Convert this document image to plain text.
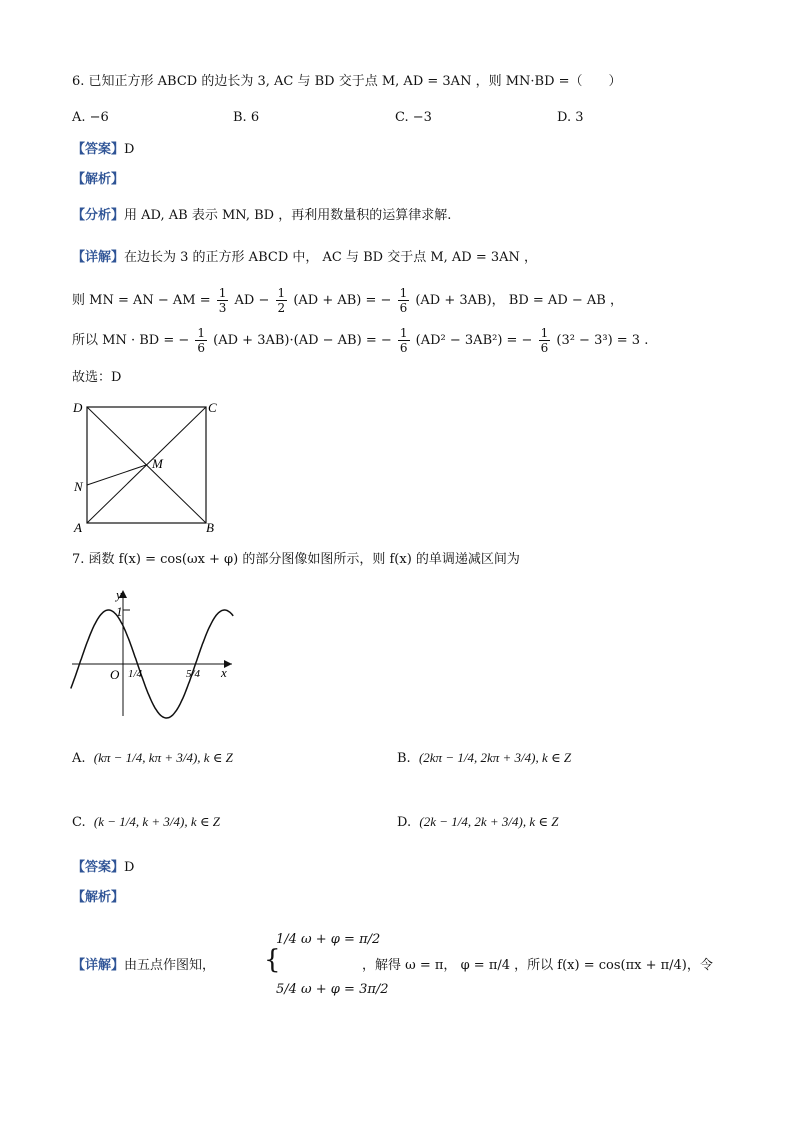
6. 已知正方形 ABCD 的边长为 3, AC 与 BD 交于点 M, AD = 3AN ，则 MN·BD =（　　）
A. −6	B. 6	C. −3	D. 3
【答案】D
【解析】
【分析】用 AD, AB 表示 MN, BD ，再利用数量积的运算律求解.
【详解】在边长为 3 的正方形 ABCD 中， AC 与 BD 交于点 M, AD = 3AN ，
则 MN = AN − AM = $\frac{1}{3}$ AD − $\frac{1}{2} (AD + AB)$ = − $\frac{1}{6} (AD + 3AB)$， BD = AD − AB ，
所以 MN · BD = − $\frac{1}{6} (AD + 3AB)\cdot(AD - AB)$ = − $\frac{1}{6} (AD^2 - 3AB^2)$ = − $\frac{1}{6} (3^2 - 3^3) = 3$ .
故选：D
D	C
N
M
A	B
7. 函数 f(x) = cos(ωx + φ) 的部分图像如图所示，则 f(x) 的单调递减区间为
y
1
x
O 1/4	5/4
A. (kπ − 1/4, kπ + 3/4), k ∈ Z	B. (2kπ − 1/4, 2kπ + 3/4), k ∈ Z
C. (k − 1/4, k + 3/4), k ∈ Z	D. (2k − 1/4, 2k + 3/4), k ∈ Z
【答案】D
【解析】
【详解】由五点作图知，
1/4 ω + φ = π/2
{
5/4 ω + φ = 3π/2
，解得 ω = π， φ = π/4 ，所以 f(x) = cos(πx + π/4)，令
